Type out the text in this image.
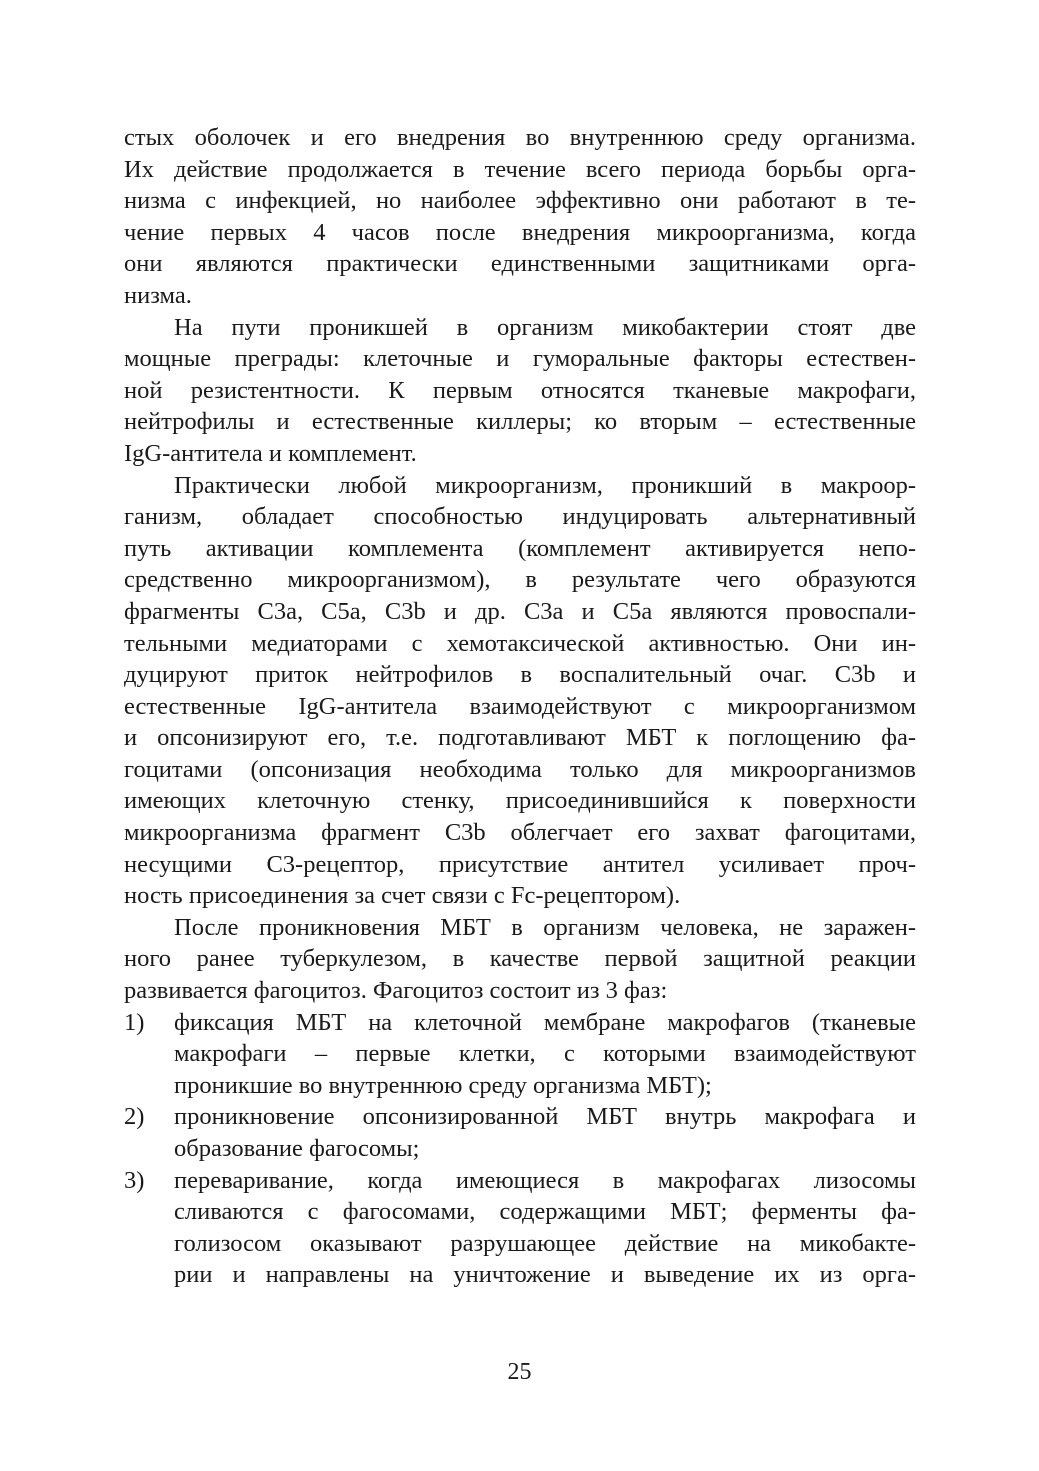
стых оболочек и его внедрения во внутреннюю среду организма.
Их действие продолжается в течение всего периода борьбы орга-
низма с инфекцией, но наиболее эффективно они работают в те-
чение первых 4 часов после внедрения микроорганизма, когда
они являются практически единственными защитниками орга-
низма.
На пути проникшей в организм микобактерии стоят две
мощные преграды: клеточные и гуморальные факторы естествен-
ной резистентности. К первым относятся тканевые макрофаги,
нейтрофилы и естественные киллеры; ко вторым – естественные
IgG-антитела и комплемент.
Практически любой микроорганизм, проникший в макроор-
ганизм, обладает способностью индуцировать альтернативный
путь активации комплемента (комплемент активируется непо-
средственно микроорганизмом), в результате чего образуются
фрагменты С3а, С5а, С3b и др. С3а и С5а являются провоспали-
тельными медиаторами с хемотаксической активностью. Они ин-
дуцируют приток нейтрофилов в воспалительный очаг. С3b и
естественные IgG-антитела взаимодействуют с микроорганизмом
и опсонизируют его, т.е. подготавливают МБТ к поглощению фа-
гоцитами (опсонизация необходима только для микроорганизмов
имеющих клеточную стенку, присоединившийся к поверхности
микроорганизма фрагмент С3b облегчает его захват фагоцитами,
несущими С3-рецептор, присутствие антител усиливает проч-
ность присоединения за счет связи с Fc-рецептором).
После проникновения МБТ в организм человека, не заражен-
ного ранее туберкулезом, в качестве первой защитной реакции
развивается фагоцитоз. Фагоцитоз состоит из 3 фаз:
1) фиксация МБТ на клеточной мембране макрофагов (тканевые
макрофаги – первые клетки, с которыми взаимодействуют
проникшие во внутреннюю среду организма МБТ);
2) проникновение опсонизированной МБТ внутрь макрофага и
образование фагосомы;
3) переваривание, когда имеющиеся в макрофагах лизосомы
сливаются с фагосомами, содержащими МБТ; ферменты фа-
голизосом оказывают разрушающее действие на микобакте-
рии и направлены на уничтожение и выведение их из орга-
25
